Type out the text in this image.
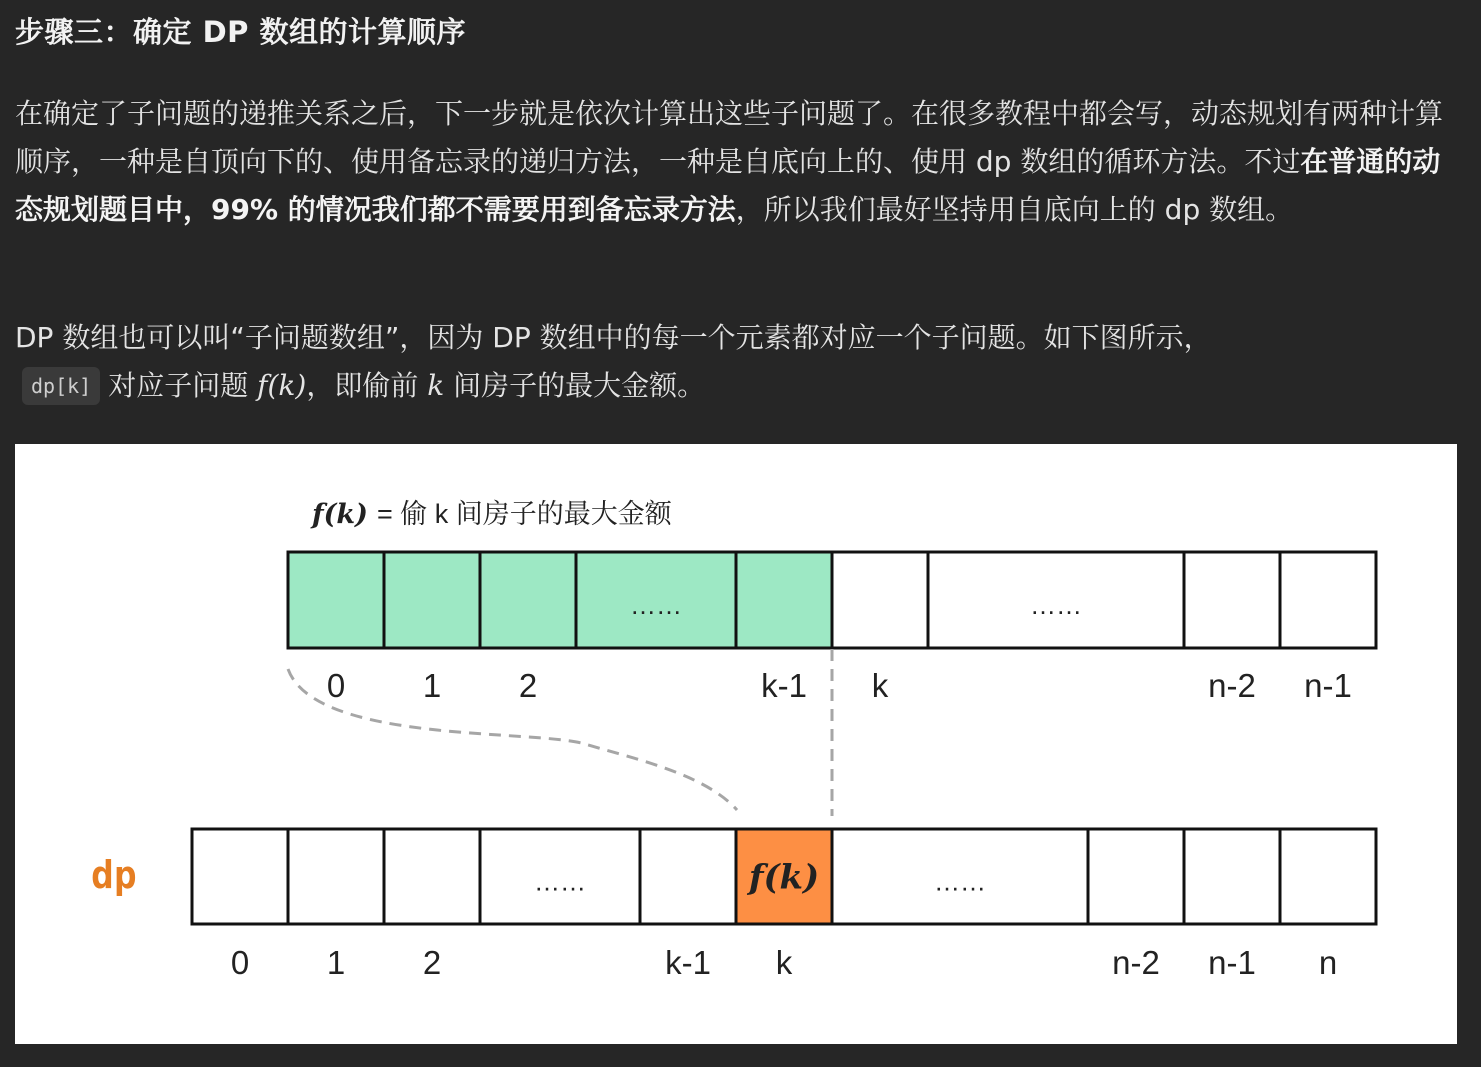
步骤三：确定 DP 数组的计算顺序
在确定了子问题的递推关系之后，下一步就是依次计算出这些子问题了。在很多教程中都会写，动态规划有两种计算顺序，一种是自顶向下的、使用备忘录的递归方法，一种是自底向上的、使用 dp 数组的循环方法。不过在普通的动态规划题目中，99% 的情况我们都不需要用到备忘录方法，所以我们最好坚持用自底向上的 dp 数组。
DP 数组也可以叫“子问题数组”，因为 DP 数组中的每一个元素都对应一个子问题。如下图所示，
dp[k] 对应子问题 f(k)，即偷前 k 间房子的最大金额。
f(k) = 偷 k 间房子的最大金额
……	……
0 1 2	k-1 k	n-2 n-1
dp	……	f(k)	……
0 1 2	k-1 k	n-2 n-1 n
